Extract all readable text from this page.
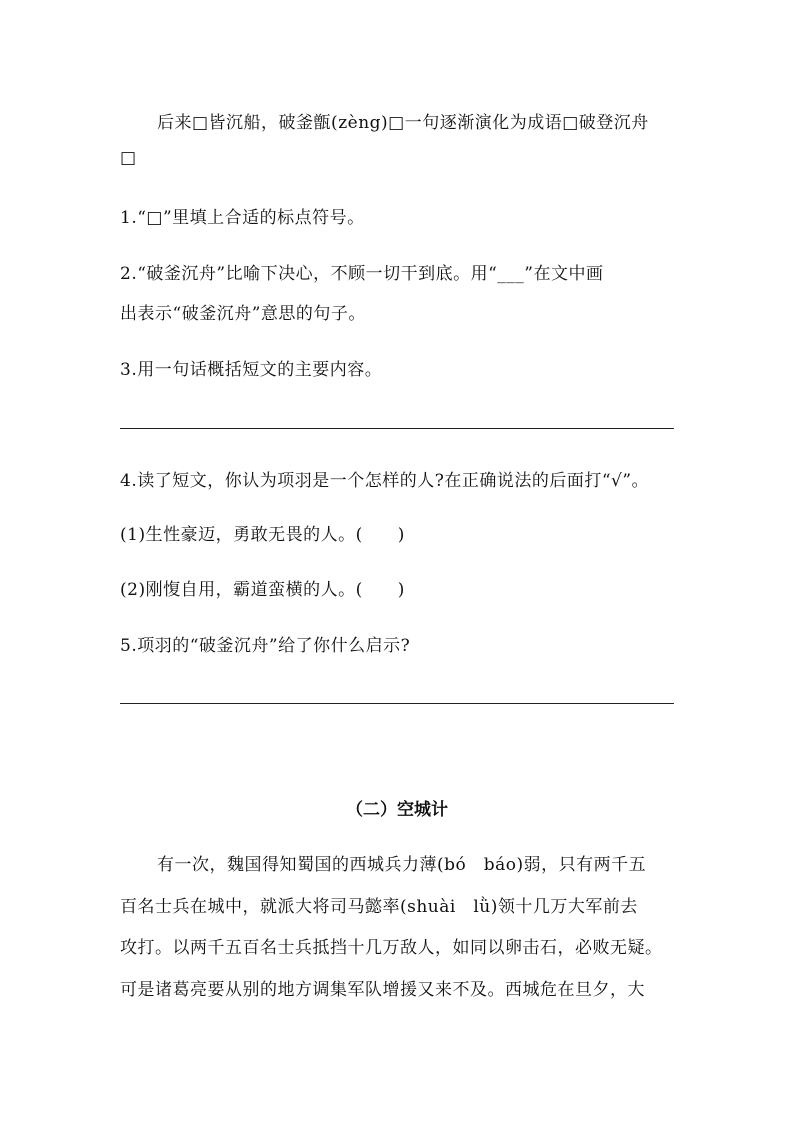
后来□皆沉船，破釜甑(zèng)□一句逐渐演化为成语□破登沉舟
□
1.“□”里填上合适的标点符号。
2.“破釜沉舟”比喻下决心，不顾一切干到底。用“___”在文中画
出表示“破釜沉舟”意思的句子。
3.用一句话概括短文的主要内容。
4.读了短文，你认为项羽是一个怎样的人?在正确说法的后面打“√”。
(1)生性豪迈，勇敢无畏的人。(　　)
(2)刚愎自用，霸道蛮横的人。(　　)
5.项羽的“破釜沉舟”给了你什么启示?
（二）空城计
有一次，魏国得知蜀国的西城兵力薄(bó　báo)弱，只有两千五
百名士兵在城中，就派大将司马懿率(shuài　lǜ)领十几万大军前去
攻打。以两千五百名士兵抵挡十几万敌人，如同以卵击石，必败无疑。
可是诸葛亮要从别的地方调集军队增援又来不及。西城危在旦夕，大
